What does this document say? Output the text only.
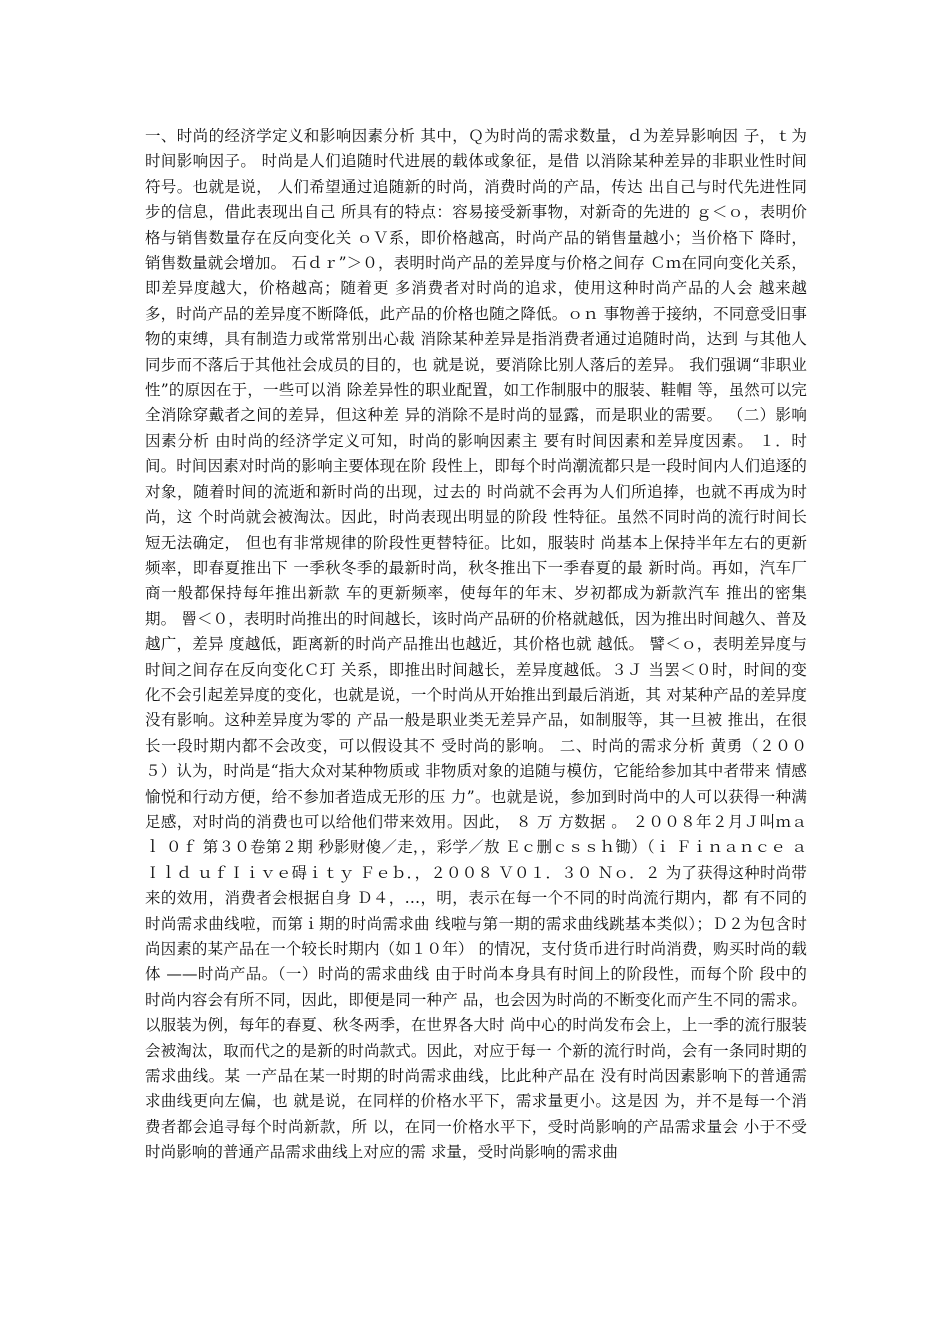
一、时尚的经济学定义和影响因素分析 其中，Ｑ为时尚的需求数量，ｄ为差异影响因 子，ｔ为时间影响因子。 时尚是人们追随时代进展的载体或象征，是借 以消除某种差异的非职业性时间符号。也就是说， 人们希望通过追随新的时尚，消费时尚的产品，传达 出自己与时代先进性同步的信息，借此表现出自己 所具有的特点：容易接受新事物，对新奇的先进的 ｇ＜ｏ，表明价格与销售数量存在反向变化关 ｏＶ系，即价格越高，时尚产品的销售量越小；当价格下 降时，销售数量就会增加。 石ｄｒ”＞０，表明时尚产品的差异度与价格之间存 Ｃｍ在同向变化关系，即差异度越大，价格越高；随着更 多消费者对时尚的追求，使用这种时尚产品的人会 越来越多，时尚产品的差异度不断降低，此产品的价格也随之降低。ｏｎ 事物善于接纳，不同意受旧事物的束缚，具有制造力或常常别出心裁 消除某种差异是指消费者通过追随时尚，达到 与其他人同步而不落后于其他社会成员的目的，也 就是说，要消除比别人落后的差异。 我们强调“非职业性”的原因在于，一些可以消 除差异性的职业配置，如工作制服中的服装、鞋帽 等，虽然可以完全消除穿戴者之间的差异，但这种差 异的消除不是时尚的显露，而是职业的需要。 （二）影响因素分析 由时尚的经济学定义可知，时尚的影响因素主 要有时间因素和差异度因素。 １．时间。时间因素对时尚的影响主要体现在阶 段性上，即每个时尚潮流都只是一段时间内人们追逐的对象，随着时间的流逝和新时尚的出现，过去的 时尚就不会再为人们所追捧，也就不再成为时尚，这 个时尚就会被淘汰。因此，时尚表现出明显的阶段 性特征。虽然不同时尚的流行时间长短无法确定， 但也有非常规律的阶段性更替特征。比如，服装时 尚基本上保持半年左右的更新频率，即春夏推出下 一季秋冬季的最新时尚，秋冬推出下一季春夏的最 新时尚。再如，汽车厂商一般都保持每年推出新款 车的更新频率，使每年的年末、岁初都成为新款汽车 推出的密集期。 罾＜０，表明时尚推出的时间越长，该时尚产品研的价格就越低，因为推出时间越久、普及越广，差异 度越低，距离新的时尚产品推出也越近，其价格也就 越低。 譬＜ｏ，表明差异度与时间之间存在反向变化Ｃ玎 关系，即推出时间越长，差异度越低。３Ｊ 当罢＜０时，时间的变化不会引起差异度的变化，也就是说，一个时尚从开始推出到最后消逝，其 对某种产品的差异度没有影响。这种差异度为零的 产品一般是职业类无差异产品，如制服等，其一旦被 推出，在很长一段时期内都不会改变，可以假设其不 受时尚的影响。 二、时尚的需求分析 黄勇（２００５）认为，时尚是“指大众对某种物质或 非物质对象的追随与模仿，它能给参加其中者带来 情感愉悦和行动方便，给不参加者造成无形的压 力”。也就是说，参加到时尚中的人可以获得一种满足感，对时尚的消费也可以给他们带来效用。因此， ８ 万 方数据 。 ２００８年２月Ｊ叫ｍａｌ ０ｆ 第３０卷第２期 秒影财傻／走，，彩学／敖 Ｅｃ删ｃｓｓｈ锄）（ｉ Ｆｉｎａｎｃｅ ａＩｌｄ ｕｆＩｉｖｅ碍ｉｔｙ Ｆｅｂ．，２００８ Ｖ０１．３０ Ｎｏ．２ 为了获得这种时尚带来的效用，消费者会根据自身 Ｄ４，…，明，表示在每一个不同的时尚流行期内，都 有不同的时尚需求曲线啦，而第ｉ期的时尚需求曲 线啦与第一期的需求曲线跳基本类似）；Ｄ２为包含时尚因素的某产品在一个较长时期内（如１０年） 的情况，支付货币进行时尚消费，购买时尚的载体 ——时尚产品。（一）时尚的需求曲线 由于时尚本身具有时间上的阶段性，而每个阶 段中的时尚内容会有所不同，因此，即便是同一种产 品，也会因为时尚的不断变化而产生不同的需求。 以服装为例，每年的春夏、秋冬两季，在世界各大时 尚中心的时尚发布会上，上一季的流行服装会被淘汰，取而代之的是新的时尚款式。因此，对应于每一 个新的流行时尚，会有一条同时期的需求曲线。某 一产品在某一时期的时尚需求曲线，比此种产品在 没有时尚因素影响下的普通需求曲线更向左偏，也 就是说，在同样的价格水平下，需求量更小。这是因 为，并不是每一个消费者都会追寻每个时尚新款，所 以，在同一价格水平下，受时尚影响的产品需求量会 小于不受时尚影响的普通产品需求曲线上对应的需 求量，受时尚影响的需求曲
